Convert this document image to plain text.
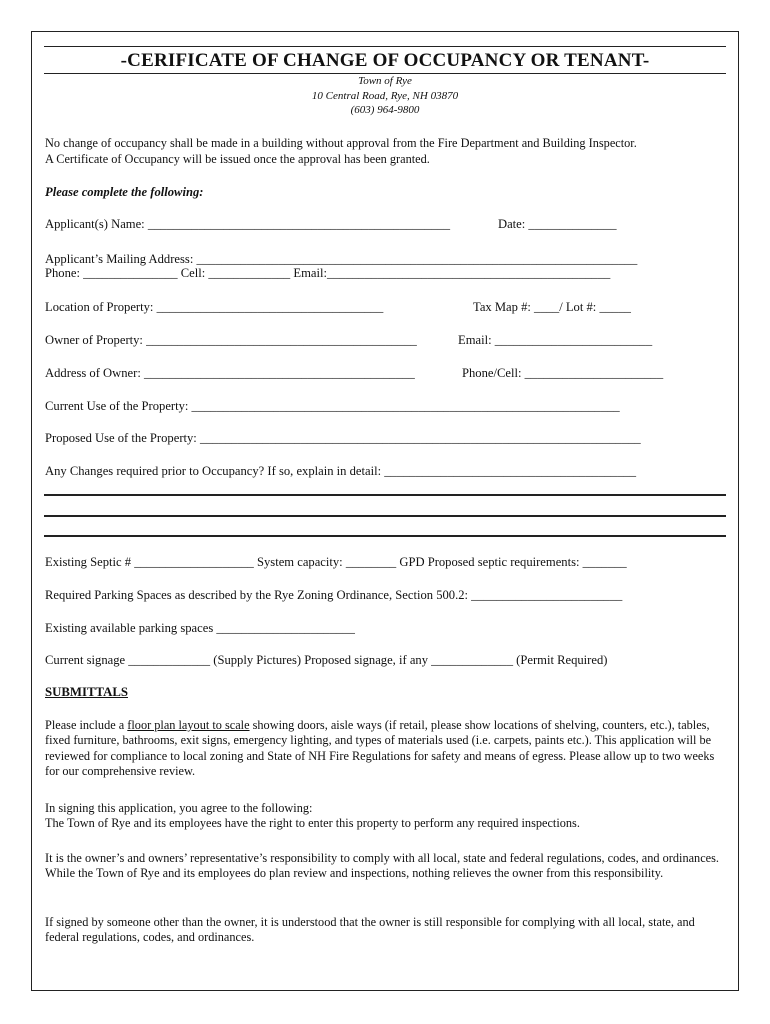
-CERIFICATE OF CHANGE OF OCCUPANCY OR TENANT-
Town of Rye
10 Central Road, Rye, NH 03870
(603) 964-9800
No change of occupancy shall be made in a building without approval from the Fire Department and Building Inspector.
A Certificate of Occupancy will be issued once the approval has been granted.
Please complete the following:
Applicant(s) Name: ________________________________________________	Date: ______________
Applicant’s Mailing Address: ______________________________________________________________________
Phone: _______________ Cell: _____________ Email:_____________________________________________
Location of Property: ____________________________________	Tax Map #: ____/ Lot #: _____
Owner of Property: ___________________________________________	Email: _________________________
Address of Owner: ___________________________________________	Phone/Cell: ______________________
Current Use of the Property: ____________________________________________________________________
Proposed Use of the Property: ______________________________________________________________________
Any Changes required prior to Occupancy? If so, explain in detail: ________________________________________
Existing Septic # ___________________ System capacity: ________ GPD Proposed septic requirements: _______
Required Parking Spaces as described by the Rye Zoning Ordinance, Section 500.2: ________________________
Existing available parking spaces ______________________
Current signage _____________ (Supply Pictures) Proposed signage, if any _____________ (Permit Required)
SUBMITTALS
Please include a floor plan layout to scale showing doors, aisle ways (if retail, please show locations of shelving, counters, etc.), tables, fixed furniture, bathrooms, exit signs, emergency lighting, and types of materials used (i.e. carpets, paints etc.). This application will be reviewed for compliance to local zoning and State of NH Fire Regulations for safety and means of egress. Please allow up to two weeks for our comprehensive review.
In signing this application, you agree to the following:
The Town of Rye and its employees have the right to enter this property to perform any required inspections.
It is the owner’s and owners’ representative’s responsibility to comply with all local, state and federal regulations, codes, and ordinances. While the Town of Rye and its employees do plan review and inspections, nothing relieves the owner from this responsibility.
If signed by someone other than the owner, it is understood that the owner is still responsible for complying with all local, state, and federal regulations, codes, and ordinances.
